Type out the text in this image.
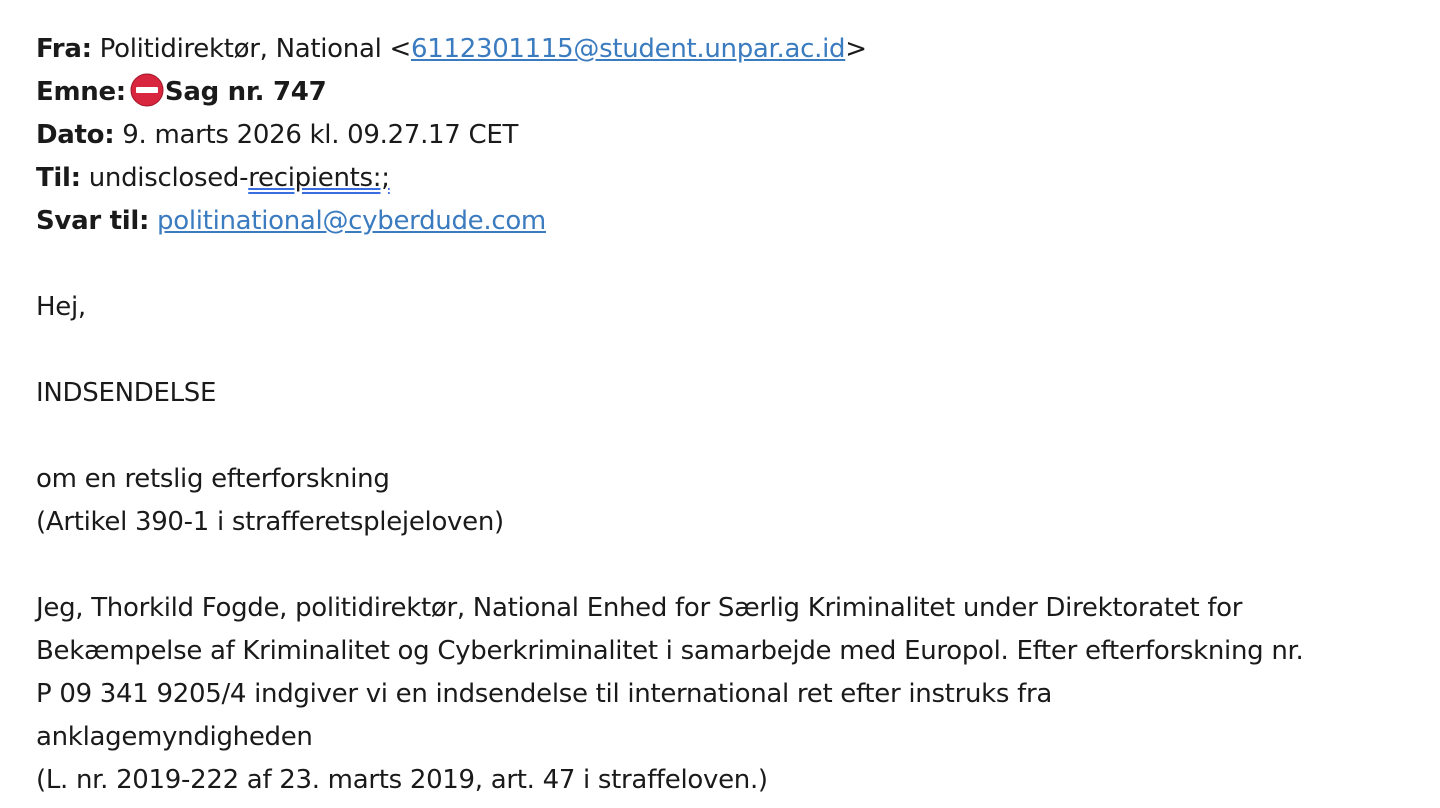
Fra: Politidirektør, National <6112301115@student.unpar.ac.id>
Emne: Sag nr. 747
Dato: 9. marts 2026 kl. 09.27.17 CET
Til: undisclosed-recipients:;
Svar til: politinational@cyberdude.com
Hej,
INDSENDELSE
om en retslig efterforskning
(Artikel 390-1 i strafferetsplejeloven)
Jeg, Thorkild Fogde, politidirektør, National Enhed for Særlig Kriminalitet under Direktoratet for
Bekæmpelse af Kriminalitet og Cyberkriminalitet i samarbejde med Europol. Efter efterforskning nr.
P 09 341 9205/4 indgiver vi en indsendelse til international ret efter instruks fra
anklagemyndigheden
(L. nr. 2019-222 af 23. marts 2019, art. 47 i straffeloven.)
